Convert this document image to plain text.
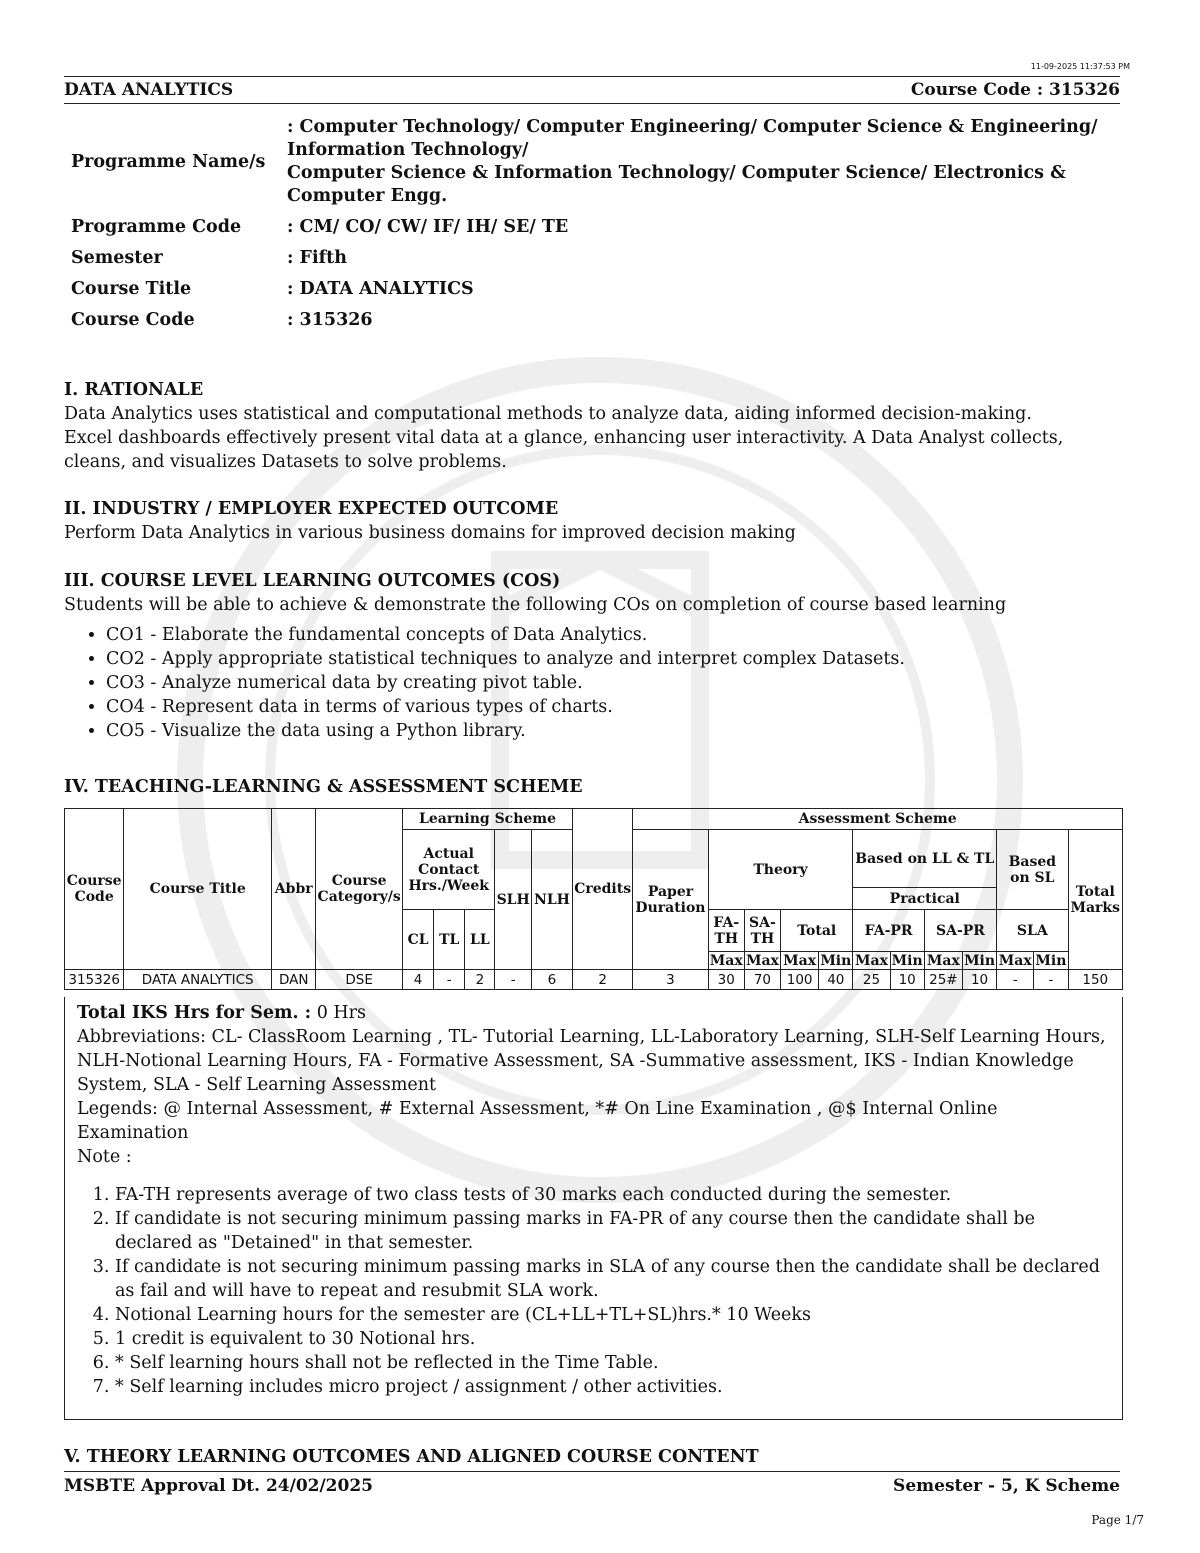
11-09-2025 11:37:53 PM
DATA ANALYTICS	Course Code : 315326
Programme Name/s	: Computer Technology/ Computer Engineering/ Computer Science & Engineering/
Information Technology/
Computer Science & Information Technology/ Computer Science/ Electronics &
Computer Engg.

Programme Code	: CM/ CO/ CW/ IF/ IH/ SE/ TE
Semester	: Fifth
Course Title	: DATA ANALYTICS
Course Code	: 315326
I. RATIONALE

Data Analytics uses statistical and computational methods to analyze data, aiding informed decision-making.

Excel dashboards effectively present vital data at a glance, enhancing user interactivity. A Data Analyst collects,

cleans, and visualizes Datasets to solve problems.

II. INDUSTRY / EMPLOYER EXPECTED OUTCOME

Perform Data Analytics in various business domains for improved decision making

III. COURSE LEVEL LEARNING OUTCOMES (COS)

Students will be able to achieve & demonstrate the following COs on completion of course based learning

• CO1 - Elaborate the fundamental concepts of Data Analytics.
• CO2 - Apply appropriate statistical techniques to analyze and interpret complex Datasets.
• CO3 - Analyze numerical data by creating pivot table.
• CO4 - Represent data in terms of various types of charts.
• CO5 - Visualize the data using a Python library.
IV. TEACHING-LEARNING & ASSESSMENT SCHEME
Course Code	Course Title	Abbr	Course Category/s	Learning Scheme					Credits	Assessment Scheme											
				Actual Contact Hrs./Week			SLH	NLH		Paper Duration	Theory				Based on LL & TL				Based on SL		Total Marks
															Practical						
				CL	TL	LL					FA-TH	SA-TH	Total		FA-PR		SA-PR		SLA		
											Max	Max	Max	Min	Max	Min	Max	Min	Max	Min	
315326	DATA ANALYTICS	DAN	DSE	4	-	2	-	6	2	3	30	70	100	40	25	10	25#	10	-	-	150

Total IKS Hrs for Sem. : 0 Hrs

Abbreviations: CL- ClassRoom Learning , TL- Tutorial Learning, LL-Laboratory Learning, SLH-Self Learning Hours, NLH-Notional Learning Hours, FA - Formative Assessment, SA -Summative assessment, IKS - Indian Knowledge System, SLA - Self Learning Assessment

Legends: @ Internal Assessment, # External Assessment, *# On Line Examination , @$ Internal Online Examination

Note :

1. FA-TH represents average of two class tests of 30 marks each conducted during the semester.
2. If candidate is not securing minimum passing marks in FA-PR of any course then the candidate shall be declared as "Detained" in that semester.
3. If candidate is not securing minimum passing marks in SLA of any course then the candidate shall be declared as fail and will have to repeat and resubmit SLA work.
4. Notional Learning hours for the semester are (CL+LL+TL+SL)hrs.* 10 Weeks
5. 1 credit is equivalent to 30 Notional hrs.
6. * Self learning hours shall not be reflected in the Time Table.
7. * Self learning includes micro project / assignment / other activities.
V. THEORY LEARNING OUTCOMES AND ALIGNED COURSE CONTENT
MSBTE Approval Dt. 24/02/2025	Semester - 5, K Scheme
Page 1/7
